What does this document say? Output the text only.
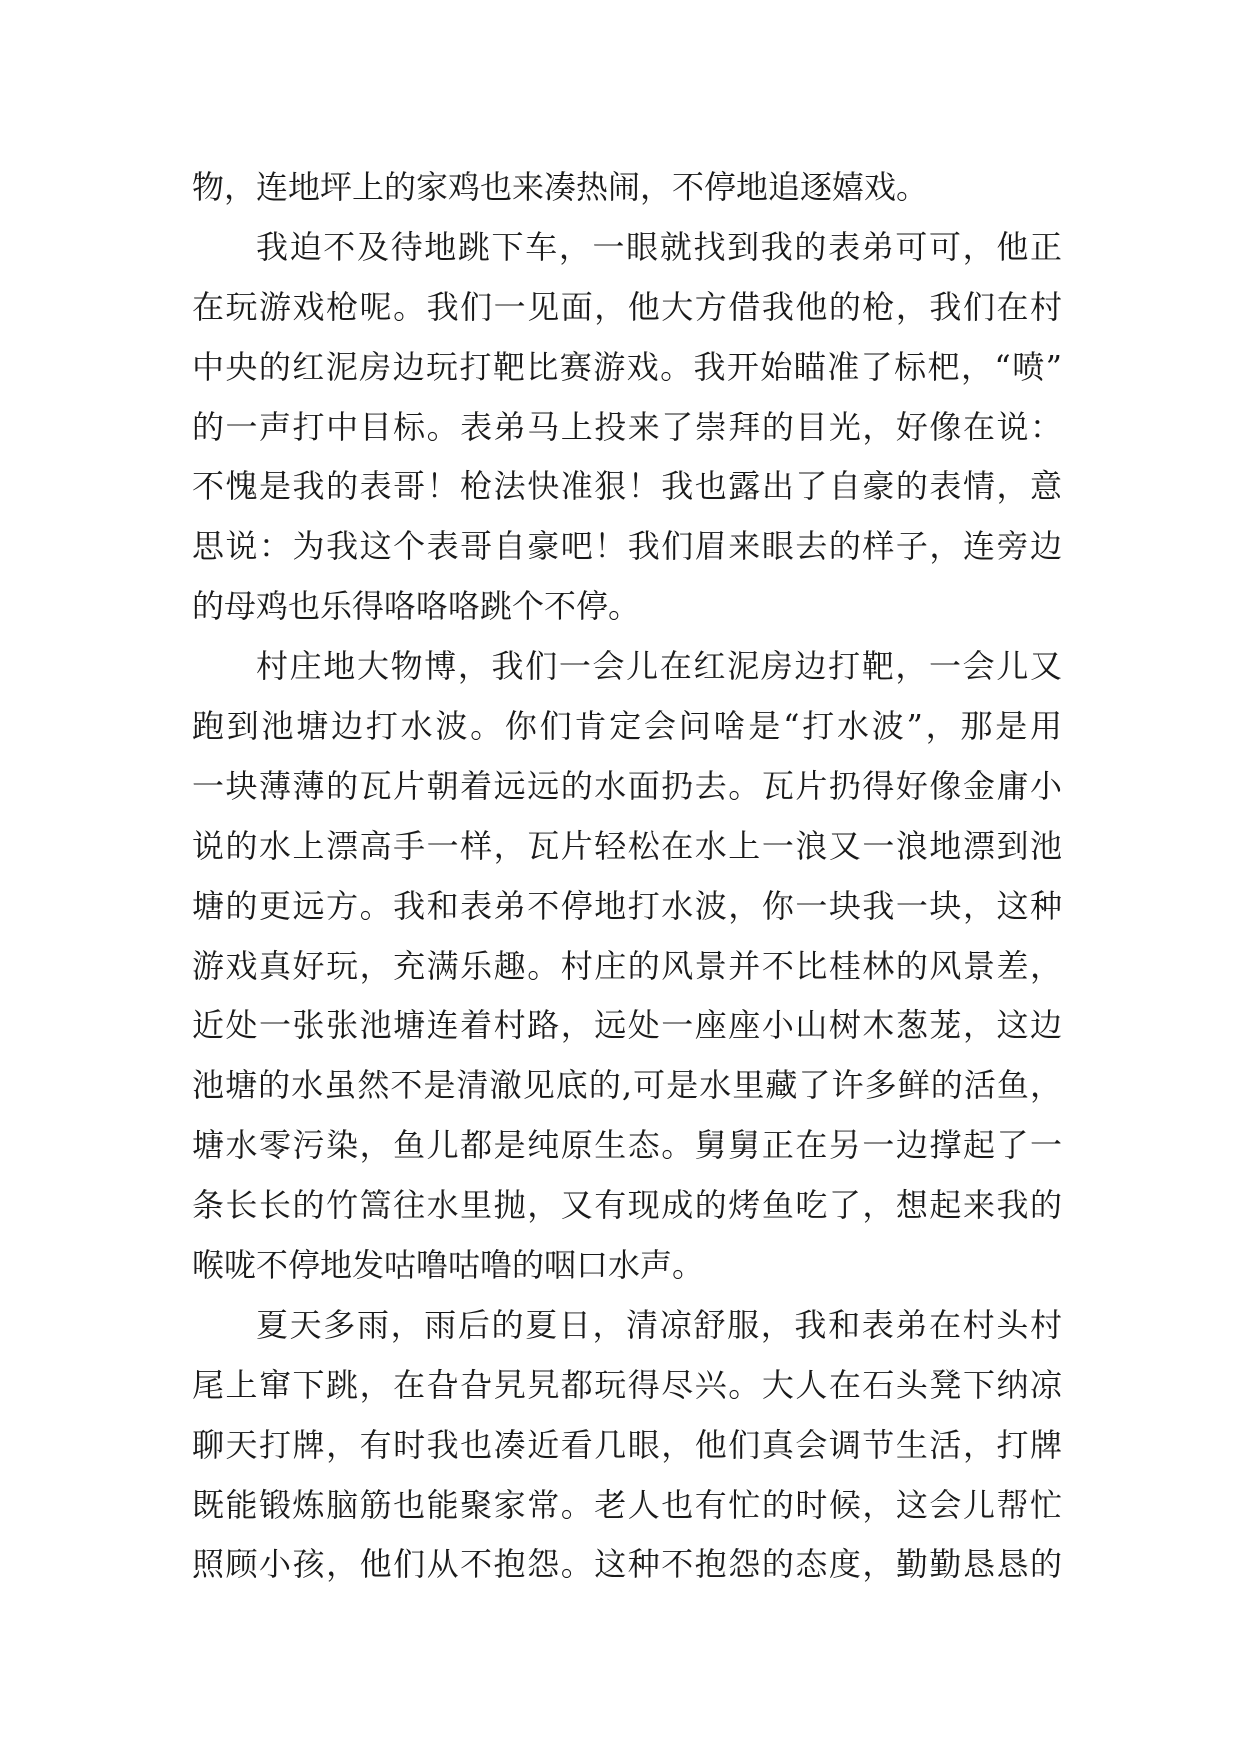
物，连地坪上的家鸡也来凑热闹，不停地追逐嬉戏。
我迫不及待地跳下车，一眼就找到我的表弟可可，他正
在玩游戏枪呢。我们一见面，他大方借我他的枪，我们在村
中央的红泥房边玩打靶比赛游戏。我开始瞄准了标杷，“喷”
的一声打中目标。表弟马上投来了崇拜的目光，好像在说：
不愧是我的表哥！枪法快准狠！我也露出了自豪的表情，意
思说：为我这个表哥自豪吧！我们眉来眼去的样子，连旁边
的母鸡也乐得咯咯咯跳个不停。
村庄地大物博，我们一会儿在红泥房边打靶，一会儿又
跑到池塘边打水波。你们肯定会问啥是“打水波”，那是用
一块薄薄的瓦片朝着远远的水面扔去。瓦片扔得好像金庸小
说的水上漂高手一样，瓦片轻松在水上一浪又一浪地漂到池
塘的更远方。我和表弟不停地打水波，你一块我一块，这种
游戏真好玩，充满乐趣。村庄的风景并不比桂林的风景差，
近处一张张池塘连着村路，远处一座座小山树木葱茏，这边
池塘的水虽然不是清澈见底的,可是水里藏了许多鲜的活鱼，
塘水零污染，鱼儿都是纯原生态。舅舅正在另一边撑起了一
条长长的竹篙往水里抛，又有现成的烤鱼吃了，想起来我的
喉咙不停地发咕噜咕噜的咽口水声。
夏天多雨，雨后的夏日，清凉舒服，我和表弟在村头村
尾上窜下跳，在旮旮旯旯都玩得尽兴。大人在石头凳下纳凉
聊天打牌，有时我也凑近看几眼，他们真会调节生活，打牌
既能锻炼脑筋也能聚家常。老人也有忙的时候，这会儿帮忙
照顾小孩，他们从不抱怨。这种不抱怨的态度，勤勤恳恳的
